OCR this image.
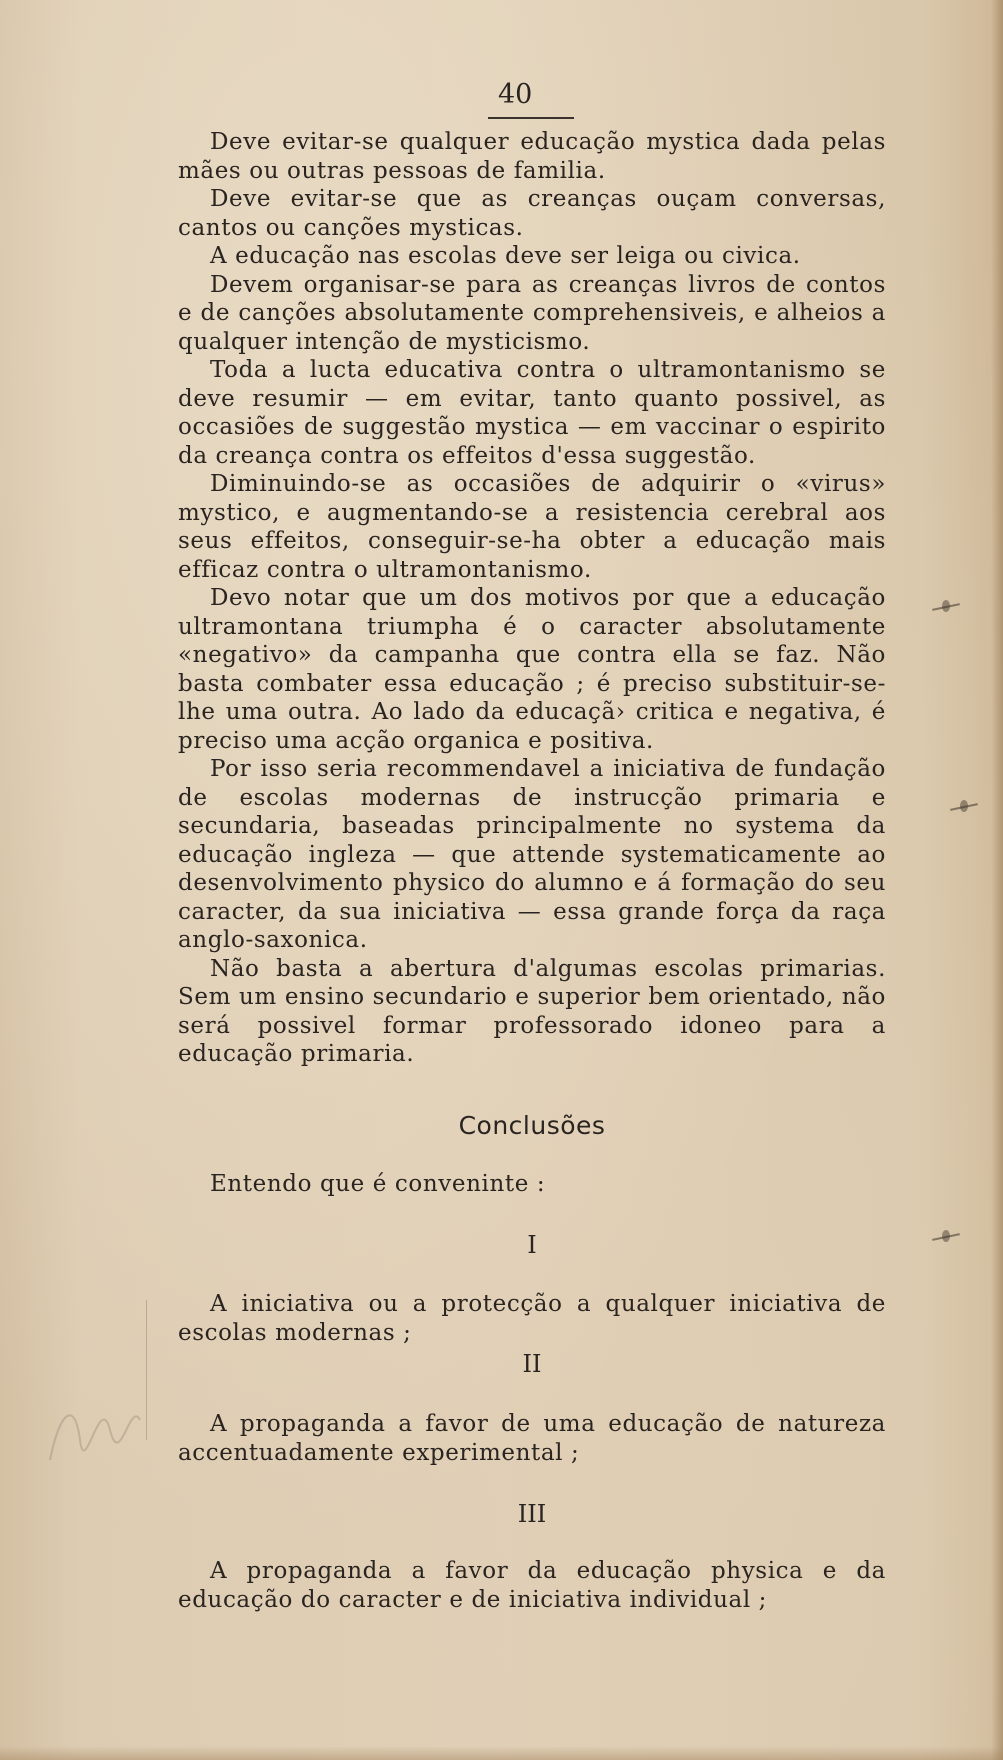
40

Deve evitar-se qualquer educação mystica dada pelas mães ou outras pessoas de familia.

Deve evitar-se que as creanças ouçam conversas, cantos ou canções mysticas.

A educação nas escolas deve ser leiga ou civica.

Devem organisar-se para as creanças livros de contos e de canções absolutamente comprehensiveis, e alheios a qualquer intenção de mysticismo.

Toda a lucta educativa contra o ultramontanismo se deve resumir — em evitar, tanto quanto possivel, as occasiões de suggestão mystica — em vaccinar o espirito da creança contra os effeitos d'essa suggestão.

Diminuindo-se as occasiões de adquirir o «virus» mystico, e augmentando-se a resistencia cerebral aos seus effeitos, conseguir-se-ha obter a educação mais efficaz contra o ultramontanismo.

Devo notar que um dos motivos por que a educação ultramontana triumpha é o caracter absolutamente «negativo» da campanha que contra ella se faz. Não basta combater essa educação ; é preciso substituir-se-lhe uma outra. Ao lado da educaçã› critica e negativa, é preciso uma acção organica e positiva.

Por isso seria recommendavel a iniciativa de fundação de escolas modernas de instrucção primaria e secundaria, baseadas principalmente no systema da educação ingleza — que attende systematicamente ao desenvolvimento physico do alumno e á formação do seu caracter, da sua iniciativa — essa grande força da raça anglo-saxonica.

Não basta a abertura d'algumas escolas primarias. Sem um ensino secundario e superior bem orientado, não será possivel formar professorado idoneo para a educação primaria.

Conclusões

Entendo que é conveninte :

I

A iniciativa ou a protecção a qualquer iniciativa de escolas modernas ;

II

A propaganda a favor de uma educação de natureza accentuadamente experimental ;

III

A propaganda a favor da educação physica e da educação do caracter e de iniciativa individual ;
